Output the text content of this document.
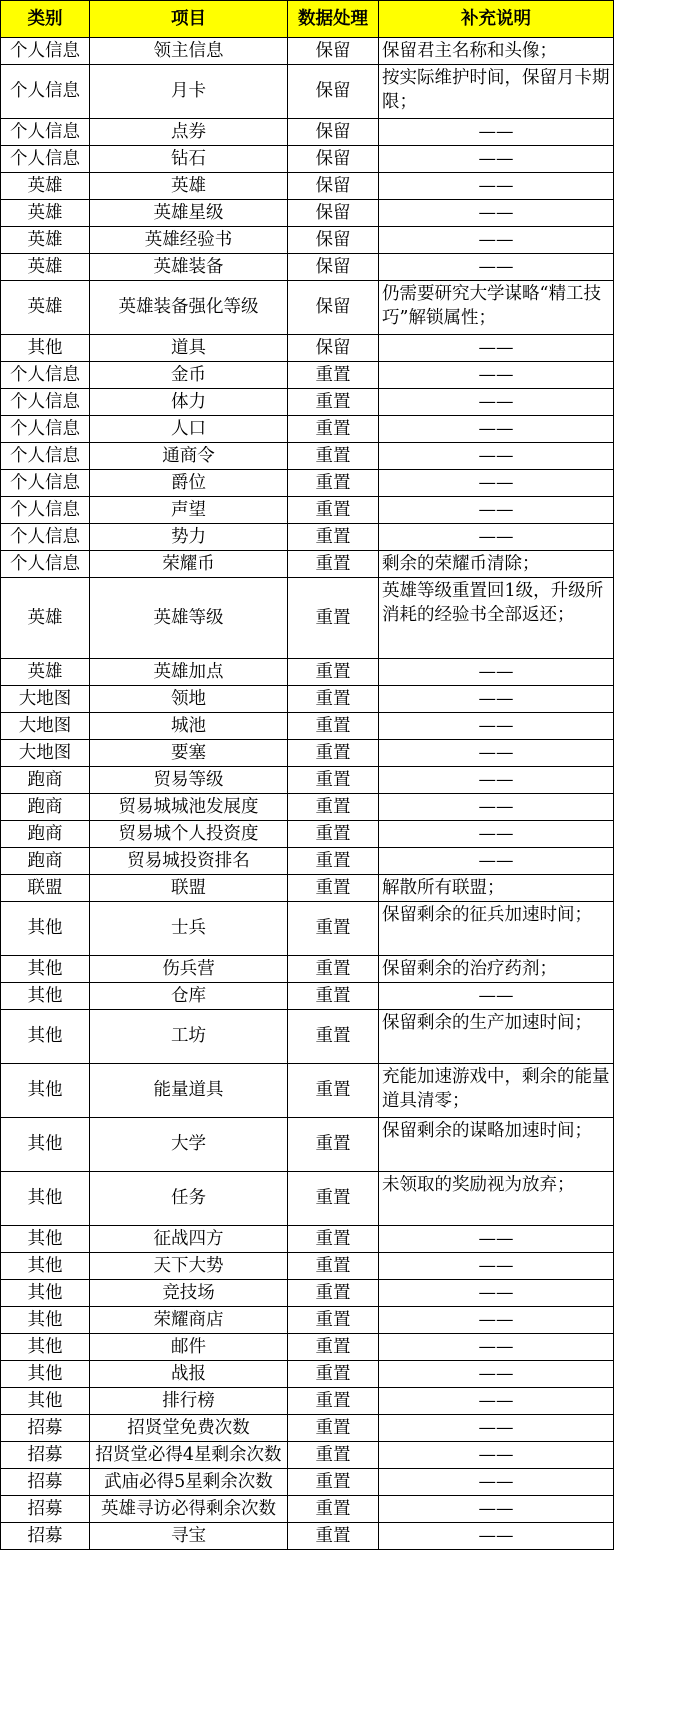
类别	项目	数据处理	补充说明
个人信息	领主信息	保留	保留君主名称和头像；
个人信息	月卡	保留	按实际维护时间，保留月卡期限；
个人信息	点券	保留	——
个人信息	钻石	保留	——
英雄	英雄	保留	——
英雄	英雄星级	保留	——
英雄	英雄经验书	保留	——
英雄	英雄装备	保留	——
英雄	英雄装备强化等级	保留	仍需要研究大学谋略“精工技巧”解锁属性；
其他	道具	保留	——
个人信息	金币	重置	——
个人信息	体力	重置	——
个人信息	人口	重置	——
个人信息	通商令	重置	——
个人信息	爵位	重置	——
个人信息	声望	重置	——
个人信息	势力	重置	——
个人信息	荣耀币	重置	剩余的荣耀币清除；
英雄	英雄等级	重置	英雄等级重置回1级，升级所消耗的经验书全部返还；
英雄	英雄加点	重置	——
大地图	领地	重置	——
大地图	城池	重置	——
大地图	要塞	重置	——
跑商	贸易等级	重置	——
跑商	贸易城城池发展度	重置	——
跑商	贸易城个人投资度	重置	——
跑商	贸易城投资排名	重置	——
联盟	联盟	重置	解散所有联盟；
其他	士兵	重置	保留剩余的征兵加速时间；
其他	伤兵营	重置	保留剩余的治疗药剂；
其他	仓库	重置	——
其他	工坊	重置	保留剩余的生产加速时间；
其他	能量道具	重置	充能加速游戏中，剩余的能量道具清零；
其他	大学	重置	保留剩余的谋略加速时间；
其他	任务	重置	未领取的奖励视为放弃；
其他	征战四方	重置	——
其他	天下大势	重置	——
其他	竞技场	重置	——
其他	荣耀商店	重置	——
其他	邮件	重置	——
其他	战报	重置	——
其他	排行榜	重置	——
招募	招贤堂免费次数	重置	——
招募	招贤堂必得4星剩余次数	重置	——
招募	武庙必得5星剩余次数	重置	——
招募	英雄寻访必得剩余次数	重置	——
招募	寻宝	重置	——
